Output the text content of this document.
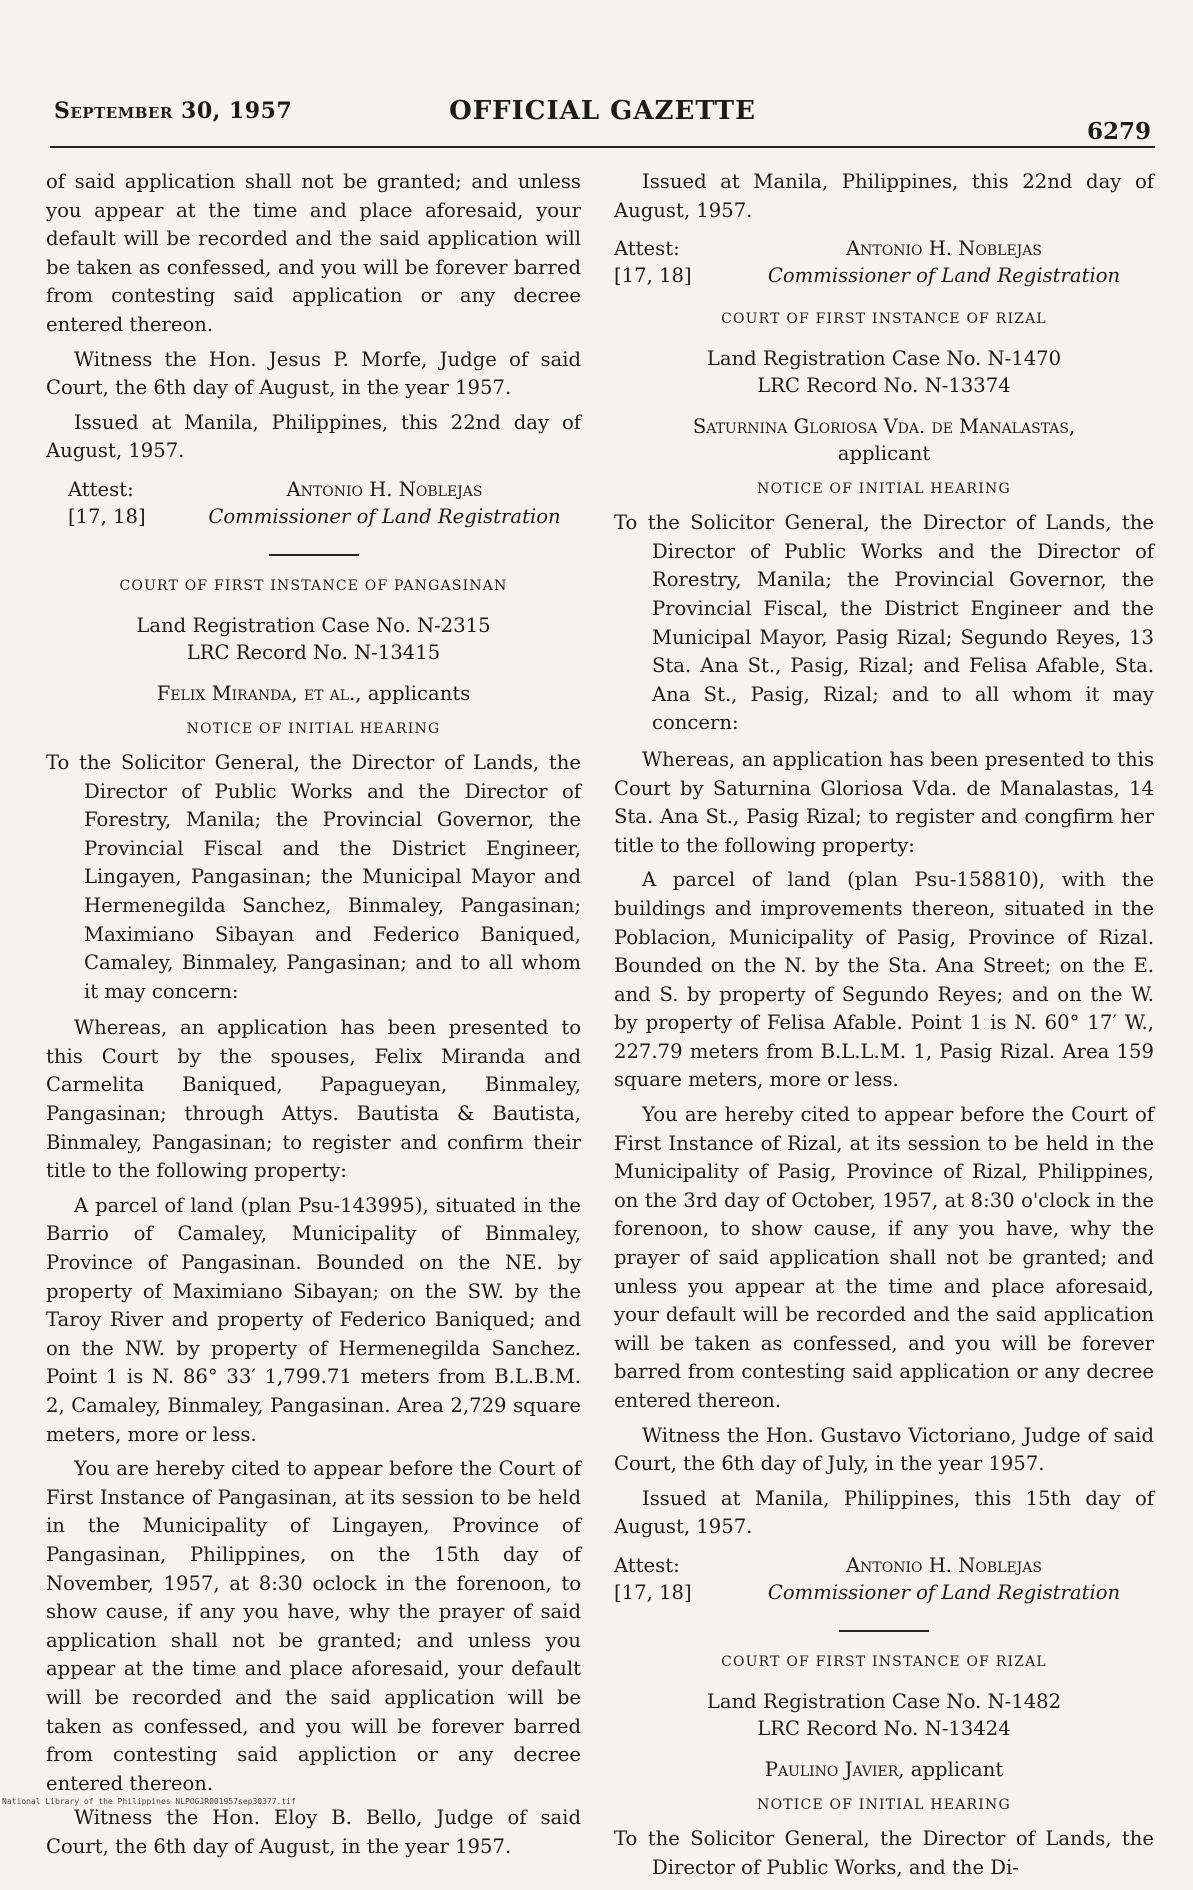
September 30, 1957	OFFICIAL GAZETTE
6279

of said application shall not be granted; and unless you appear at the time and place aforesaid, your default will be recorded and the said application will be taken as confessed, and you will be forever barred from contesting said application or any decree entered thereon.

Witness the Hon. Jesus P. Morfe, Judge of said Court, the 6th day of August, in the year 1957.

Issued at Manila, Philippines, this 22nd day of August, 1957.

Attest:
[17, 18]
Antonio H. Noblejas
Commissioner of Land Registration
COURT OF FIRST INSTANCE OF PANGASINAN
Land Registration Case No. N-2315
LRC Record No. N-13415
Felix Miranda, et al., applicants
NOTICE OF INITIAL HEARING

To the Solicitor General, the Director of Lands, the Director of Public Works and the Director of Forestry, Manila; the Provincial Governor, the Provincial Fiscal and the District Engineer, Lingayen, Pangasinan; the Municipal Mayor and Hermenegilda Sanchez, Binmaley, Pangasinan; Maximiano Sibayan and Federico Baniqued, Camaley, Binmaley, Pangasinan; and to all whom it may concern:

Whereas, an application has been presented to this Court by the spouses, Felix Miranda and Carmelita Baniqued, Papagueyan, Binmaley, Pangasinan; through Attys. Bautista & Bautista, Binmaley, Pangasinan; to register and confirm their title to the following property:

A parcel of land (plan Psu-143995), situated in the Barrio of Camaley, Municipality of Binmaley, Province of Pangasinan. Bounded on the NE. by property of Maximiano Sibayan; on the SW. by the Taroy River and property of Federico Baniqued; and on the NW. by property of Hermenegilda Sanchez. Point 1 is N. 86° 33′ 1,799.71 meters from B.L.B.M. 2, Camaley, Binmaley, Pangasinan. Area 2,729 square meters, more or less.

You are hereby cited to appear before the Court of First Instance of Pangasinan, at its session to be held in the Municipality of Lingayen, Province of Pangasinan, Philippines, on the 15th day of November, 1957, at 8:30 oclock in the forenoon, to show cause, if any you have, why the prayer of said application shall not be granted; and unless you appear at the time and place aforesaid, your default will be recorded and the said application will be taken as confessed, and you will be forever barred from contesting said appliction or any decree entered thereon.

Witness the Hon. Eloy B. Bello, Judge of said Court, the 6th day of August, in the year 1957.

Issued at Manila, Philippines, this 22nd day of August, 1957.

Attest:
[17, 18]
Antonio H. Noblejas
Commissioner of Land Registration
COURT OF FIRST INSTANCE OF RIZAL
Land Registration Case No. N-1470
LRC Record No. N-13374
Saturnina Gloriosa Vda. de Manalastas,
applicant
NOTICE OF INITIAL HEARING

To the Solicitor General, the Director of Lands, the Director of Public Works and the Director of Rorestry, Manila; the Provincial Governor, the Provincial Fiscal, the District Engineer and the Municipal Mayor, Pasig Rizal; Segundo Reyes, 13 Sta. Ana St., Pasig, Rizal; and Felisa Afable, Sta. Ana St., Pasig, Rizal; and to all whom it may concern:

Whereas, an application has been presented to this Court by Saturnina Gloriosa Vda. de Manalastas, 14 Sta. Ana St., Pasig Rizal; to register and congfirm her title to the following property:

A parcel of land (plan Psu-158810), with the buildings and improvements thereon, situated in the Poblacion, Municipality of Pasig, Province of Rizal. Bounded on the N. by the Sta. Ana Street; on the E. and S. by property of Segundo Reyes; and on the W. by property of Felisa Afable. Point 1 is N. 60° 17′ W., 227.79 meters from B.L.L.M. 1, Pasig Rizal. Area 159 square meters, more or less.

You are hereby cited to appear before the Court of First Instance of Rizal, at its session to be held in the Municipality of Pasig, Province of Rizal, Philippines, on the 3rd day of October, 1957, at 8:30 o'clock in the forenoon, to show cause, if any you have, why the prayer of said application shall not be granted; and unless you appear at the time and place aforesaid, your default will be recorded and the said application will be taken as confessed, and you will be forever barred from contesting said application or any decree entered thereon.

Witness the Hon. Gustavo Victoriano, Judge of said Court, the 6th day of July, in the year 1957.

Issued at Manila, Philippines, this 15th day of August, 1957.

Attest:
[17, 18]
Antonio H. Noblejas
Commissioner of Land Registration
COURT OF FIRST INSTANCE OF RIZAL
Land Registration Case No. N-1482
LRC Record No. N-13424
Paulino Javier, applicant
NOTICE OF INITIAL HEARING

To the Solicitor General, the Director of Lands, the Director of Public Works, and the Di-

National Library of the Philippines NLPOGJR001957sep30377.tif
